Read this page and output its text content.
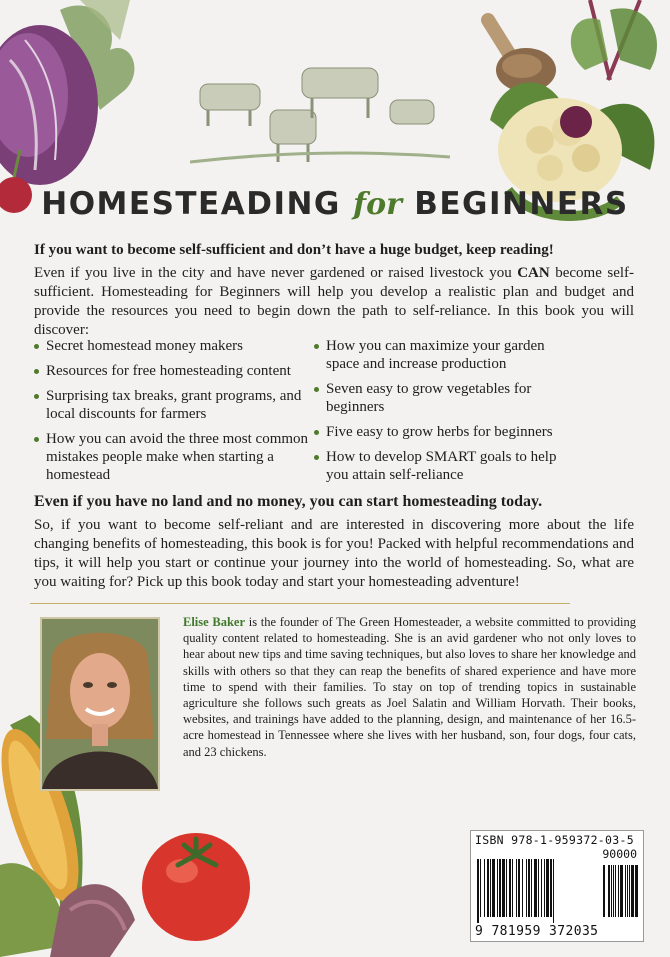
HOMESTEADING for BEGINNERS
If you want to become self-sufficient and don’t have a huge budget, keep reading!
Even if you live in the city and have never gardened or raised livestock you CAN become self-sufficient. Homesteading for Beginners will help you develop a realistic plan and budget and provide the resources you need to begin down the path to self-reliance. In this book you will discover:
Secret homestead money makers
Resources for free homesteading content
Surprising tax breaks, grant programs, and local discounts for farmers
How you can avoid the three most common mistakes people make when starting a homestead
How you can maximize your garden space and increase production
Seven easy to grow vegetables for beginners
Five easy to grow herbs for beginners
How to develop SMART goals to help you attain self-reliance
Even if you have no land and no money, you can start homesteading today.
So, if you want to become self-reliant and are interested in discovering more about the life changing benefits of homesteading, this book is for you! Packed with helpful recommendations and tips, it will help you start or continue your journey into the world of homesteading. So, what are you waiting for? Pick up this book today and start your homesteading adventure!
Elise Baker is the founder of The Green Homesteader, a website committed to providing quality content related to homesteading. She is an avid gardener who not only loves to hear about new tips and time saving techniques, but also loves to share her knowledge and skills with others so that they can reap the benefits of shared experience and have more time to spend with their families. To stay on top of trending topics in sustainable agriculture she follows such greats as Joel Salatin and William Horvath. Their books, websites, and trainings have added to the planning, design, and maintenance of her 16.5-acre homestead in Tennessee where she lives with her husband, son, four dogs, four cats, and 23 chickens.
ISBN 978-1-959372-03-5
90000
9 781959 372035
